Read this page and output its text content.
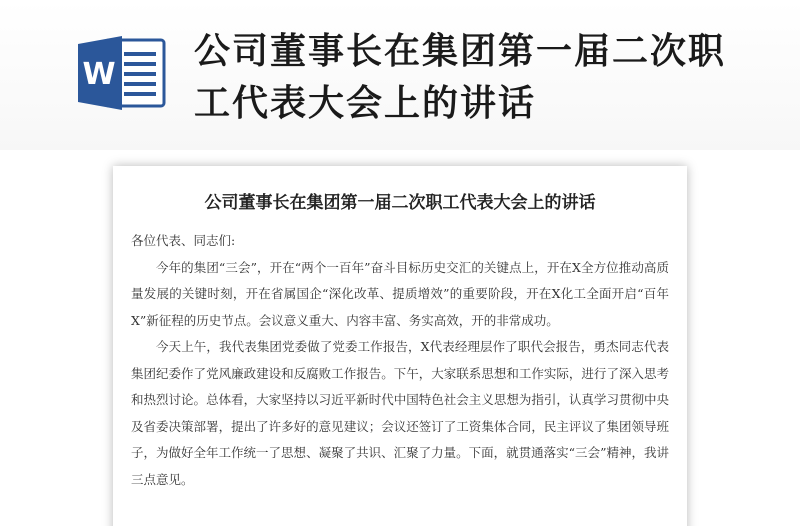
W
公司董事长在集团第一届二次职工代表大会上的讲话
公司董事长在集团第一届二次职工代表大会上的讲话

各位代表、同志们:

今年的集团“三会”，开在“两个一百年”奋斗目标历史交汇的关键点上，开在X全方位推动高质量发展的关键时刻，开在省属国企“深化改革、提质增效”的重要阶段，开在X化工全面开启“百年X”新征程的历史节点。会议意义重大、内容丰富、务实高效，开的非常成功。

今天上午，我代表集团党委做了党委工作报告，X代表经理层作了职代会报告，勇杰同志代表集团纪委作了党风廉政建设和反腐败工作报告。下午，大家联系思想和工作实际，进行了深入思考和热烈讨论。总体看，大家坚持以习近平新时代中国特色社会主义思想为指引，认真学习贯彻中央及省委决策部署，提出了许多好的意见建议；会议还签订了工资集体合同，民主评议了集团领导班子，为做好全年工作统一了思想、凝聚了共识、汇聚了力量。下面，就贯通落实“三会”精神，我讲三点意见。
